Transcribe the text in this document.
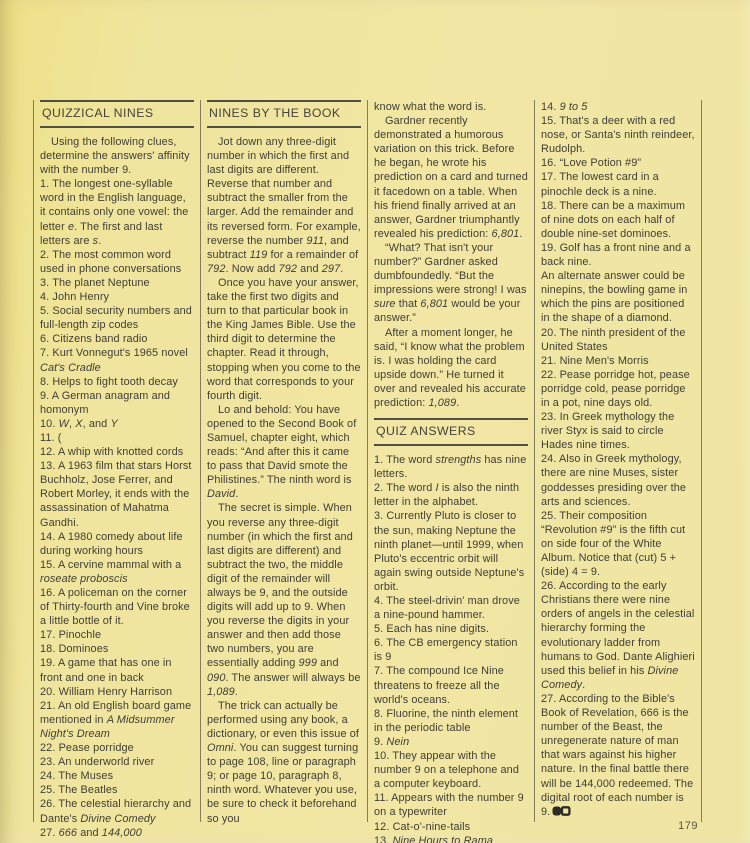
QUIZZICAL NINES

Using the following clues, determine the answers' affinity with the number 9.

1. The longest one-syllable word in the English language, it contains only one vowel: the letter e. The first and last letters are s.

2. The most common word used in phone conversations

3. The planet Neptune

4. John Henry

5. Social security numbers and full-length zip codes

6. Citizens band radio

7. Kurt Vonnegut's 1965 novel Cat's Cradle

8. Helps to fight tooth decay

9. A German anagram and homonym

10. W, X, and Y

11. (

12. A whip with knotted cords

13. A 1963 film that stars Horst Buchholz, Jose Ferrer, and Robert Morley, it ends with the assassination of Mahatma Gandhi.

14. A 1980 comedy about life during working hours

15. A cervine mammal with a roseate proboscis

16. A policeman on the corner of Thirty-fourth and Vine broke a little bottle of it.

17. Pinochle

18. Dominoes

19. A game that has one in front and one in back

20. William Henry Harrison

21. An old English board game mentioned in A Midsummer Night's Dream

22. Pease porridge

23. An underworld river

24. The Muses

25. The Beatles

26. The celestial hierarchy and Dante's Divine Comedy

27. 666 and 144,000

NINES BY THE BOOK

Jot down any three-digit number in which the first and last digits are different. Reverse that number and subtract the smaller from the larger. Add the remainder and its reversed form. For example, reverse the number 911, and subtract 119 for a remainder of 792. Now add 792 and 297.

Once you have your answer, take the first two digits and turn to that particular book in the King James Bible. Use the third digit to determine the chapter. Read it through, stopping when you come to the word that corresponds to your fourth digit.

Lo and behold: You have opened to the Second Book of Samuel, chapter eight, which reads: “And after this it came to pass that David smote the Philistines.” The ninth word is David.

The secret is simple. When you reverse any three-digit number (in which the first and last digits are different) and subtract the two, the middle digit of the remainder will always be 9, and the outside digits will add up to 9. When you reverse the digits in your answer and then add those two numbers, you are essentially adding 999 and 090. The answer will always be 1,089.

The trick can actually be performed using any book, a dictionary, or even this issue of Omni. You can suggest turning to page 108, line or paragraph 9; or page 10, paragraph 8, ninth word. Whatever you use, be sure to check it beforehand so you

know what the word is.

Gardner recently demonstrated a humorous variation on this trick. Before he began, he wrote his prediction on a card and turned it facedown on a table. When his friend finally arrived at an answer, Gardner triumphantly revealed his prediction: 6,801.

“What? That isn't your number?” Gardner asked dumbfoundedly. “But the impressions were strong! I was sure that 6,801 would be your answer.”

After a moment longer, he said, “I know what the problem is. I was holding the card upside down.” He turned it over and revealed his accurate prediction: 1,089.

QUIZ ANSWERS

1. The word strengths has nine letters.

2. The word I is also the ninth letter in the alphabet.

3. Currently Pluto is closer to the sun, making Neptune the ninth planet—until 1999, when Pluto's eccentric orbit will again swing outside Neptune's orbit.

4. The steel-drivin' man drove a nine-pound hammer.

5. Each has nine digits.

6. The CB emergency station is 9

7. The compound Ice Nine threatens to freeze all the world's oceans.

8. Fluorine, the ninth element in the periodic table

9. Nein

10. They appear with the number 9 on a telephone and a computer keyboard.

11. Appears with the number 9 on a typewriter

12. Cat-o'-nine-tails

13. Nine Hours to Rama

14. 9 to 5

15. That's a deer with a red nose, or Santa's ninth reindeer, Rudolph.

16. “Love Potion #9”

17. The lowest card in a pinochle deck is a nine.

18. There can be a maximum of nine dots on each half of double nine-set dominoes.

19. Golf has a front nine and a back nine.

An alternate answer could be ninepins, the bowling game in which the pins are positioned in the shape of a diamond.

20. The ninth president of the United States

21. Nine Men's Morris

22. Pease porridge hot, pease porridge cold, pease porridge in a pot, nine days old.

23. In Greek mythology the river Styx is said to circle Hades nine times.

24. Also in Greek mythology, there are nine Muses, sister goddesses presiding over the arts and sciences.

25. Their composition “Revolution #9” is the fifth cut on side four of the White Album. Notice that (cut) 5 + (side) 4 = 9.

26. According to the early Christians there were nine orders of angels in the celestial hierarchy forming the evolutionary ladder from humans to God. Dante Alighieri used this belief in his Divine Comedy.

27. According to the Bible's Book of Revelation, 666 is the number of the Beast, the unregenerate nature of man that wars against his higher nature. In the final battle there will be 144,000 redeemed. The digital root of each number is 9.

179
